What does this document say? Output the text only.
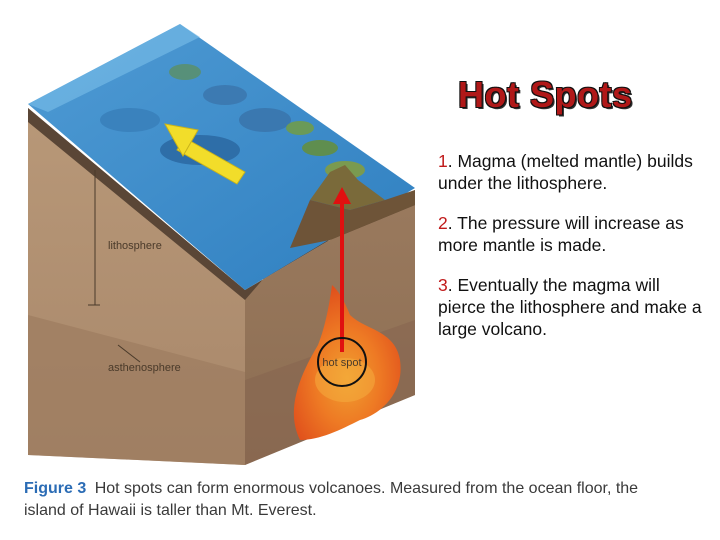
hot spot
lithosphere
asthenosphere
Hot Spots

1. Magma (melted mantle) builds under the lithosphere.

2. The pressure will increase as more mantle is made.

3. Eventually the magma will pierce the lithosphere and make a large volcano.

Figure 3 Hot spots can form enormous volcanoes. Measured from the ocean floor, the island of Hawaii is taller than Mt. Everest.
